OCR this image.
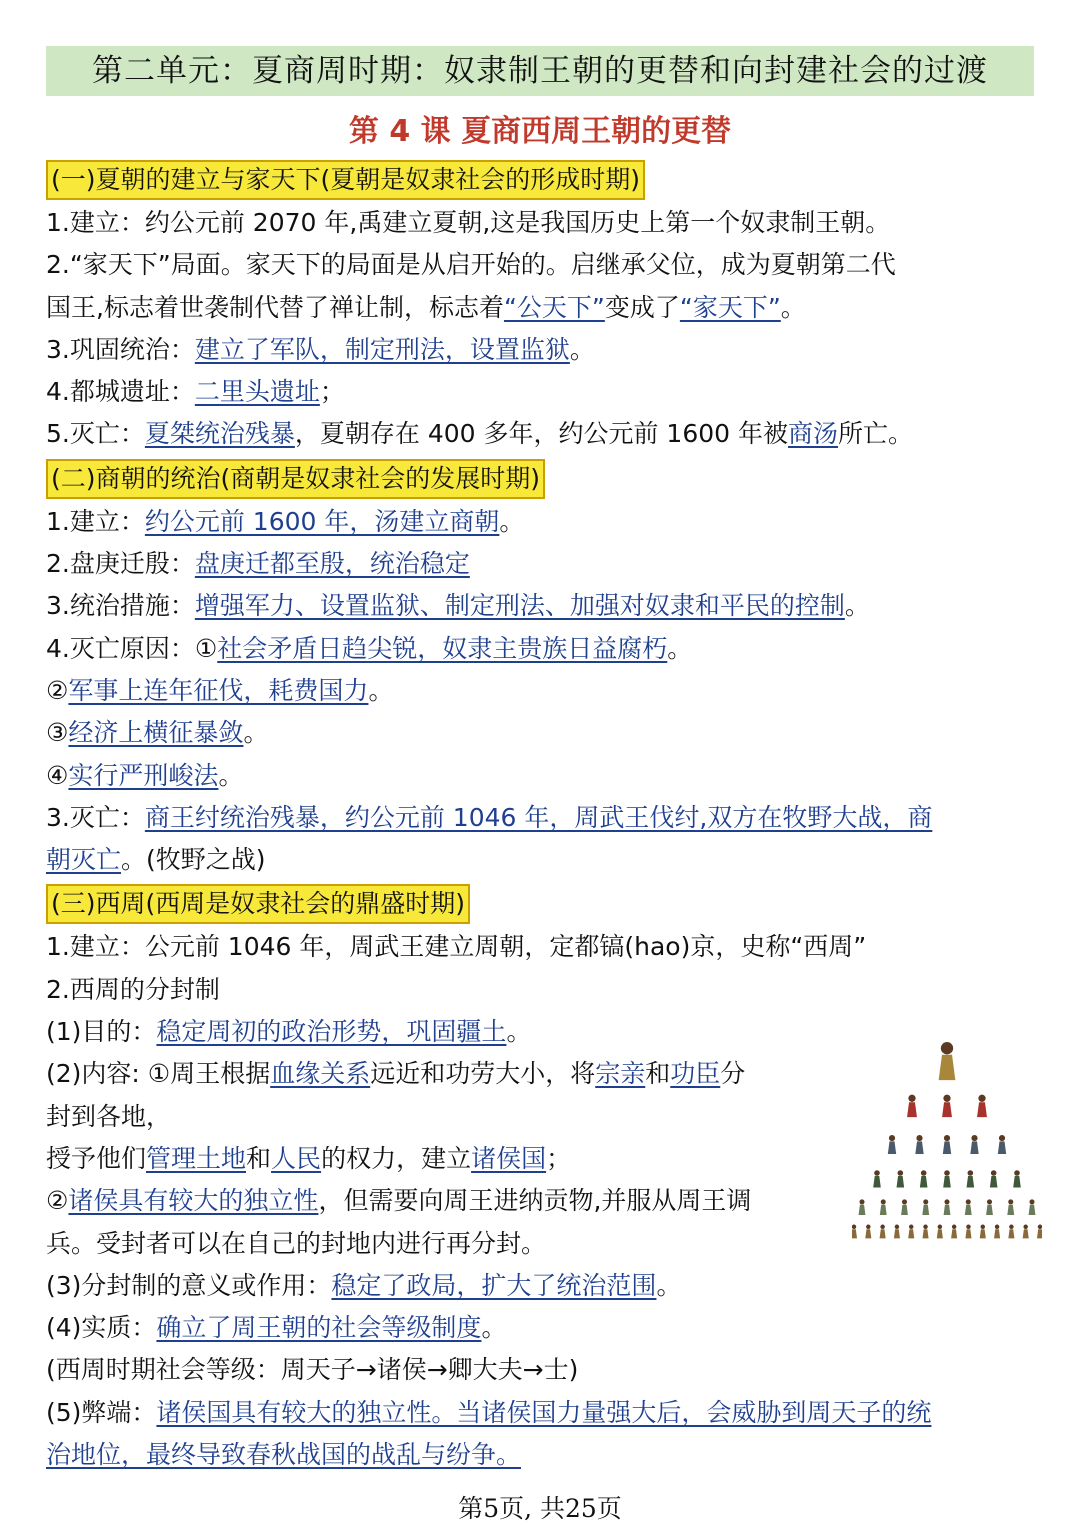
第二单元：夏商周时期：奴隶制王朝的更替和向封建社会的过渡
第 4 课 夏商西周王朝的更替
(一)夏朝的建立与家天下(夏朝是奴隶社会的形成时期)
1.建立：约公元前 2070 年,禹建立夏朝,这是我国历史上第一个奴隶制王朝。
2.“家天下”局面。家天下的局面是从启开始的。启继承父位，成为夏朝第二代
国王,标志着世袭制代替了禅让制，标志着“公天下”变成了“家天下”。
3.巩固统治：建立了军队，制定刑法，设置监狱。
4.都城遗址：二里头遗址；
5.灭亡：夏桀统治残暴，夏朝存在 400 多年，约公元前 1600 年被商汤所亡。
(二)商朝的统治(商朝是奴隶社会的发展时期)
1.建立：约公元前 1600 年，汤建立商朝。
2.盘庚迁殷：盘庚迁都至殷，统治稳定
3.统治措施：增强军力、设置监狱、制定刑法、加强对奴隶和平民的控制。
4.灭亡原因：①社会矛盾日趋尖锐，奴隶主贵族日益腐朽。
②军事上连年征伐，耗费国力。
③经济上横征暴敛。
④实行严刑峻法。
3.灭亡：商王纣统治残暴，约公元前 1046 年，周武王伐纣,双方在牧野大战，商
朝灭亡。(牧野之战)
(三)西周(西周是奴隶社会的鼎盛时期)
1.建立：公元前 1046 年，周武王建立周朝，定都镐(hao)京，史称“西周”
2.西周的分封制
(1)目的：稳定周初的政治形势，巩固疆土。
(2)内容: ①周王根据血缘关系远近和功劳大小，将宗亲和功臣分
封到各地，
授予他们管理土地和人民的权力，建立诸侯国；
②诸侯具有较大的独立性，但需要向周王进纳贡物,并服从周王调
兵。受封者可以在自己的封地内进行再分封。
(3)分封制的意义或作用：稳定了政局，扩大了统治范围。
(4)实质：确立了周王朝的社会等级制度。
(西周时期社会等级：周天子→诸侯→卿大夫→士)
(5)弊端：诸侯国具有较大的独立性。当诸侯国力量强大后，会威胁到周天子的统
治地位，最终导致春秋战国的战乱与纷争。
第5页, 共25页
